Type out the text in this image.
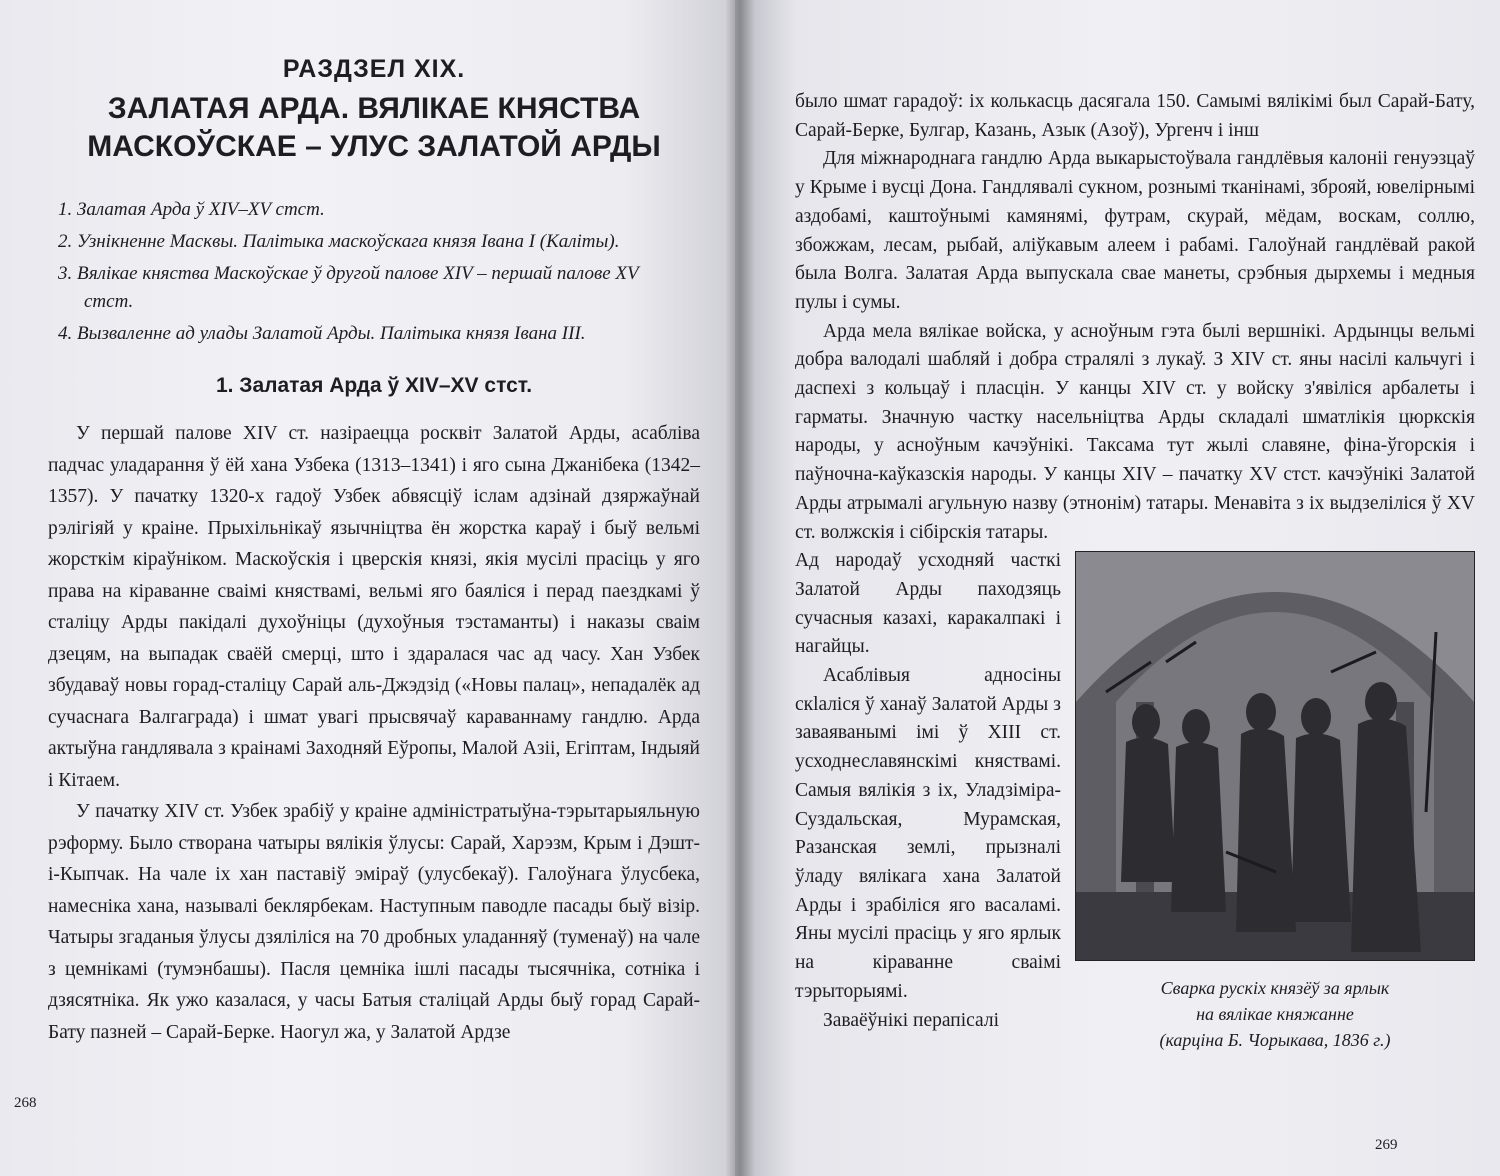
РАЗДЗЕЛ XIX.
ЗАЛАТАЯ АРДА. ВЯЛІКАЕ КНЯСТВА
МАСКОЎСКАЕ – УЛУС ЗАЛАТОЙ АРДЫ
1. Залатая Арда ў XIV–XV стст.
2. Узнікненне Масквы. Палітыка маскоўскага князя Івана I (Каліты).
3. Вялікае княства Маскоўскае ў другой палове XIV – першай палове XV стст.
4. Вызваленне ад улады Залатой Арды. Палітыка князя Івана III.
1. Залатая Арда ў XIV–XV стст.

У першай палове XIV ст. назіраецца росквіт Залатой Арды, асабліва падчас уладарання ў ёй хана Узбека (1313–1341) і яго сына Джанібека (1342–1357). У пачатку 1320-х гадоў Узбек абвясціў іслам адзінай дзяржаўнай рэлігіяй у краіне. Прыхільнікаў язычніцтва ён жорстка караў і быў вельмі жорсткім кіраўніком. Маскоўскія і цверскія князі, якія мусілі прасіць у яго права на кіраванне сваімі княствамі, вельмі яго баяліся і перад паездкамі ў сталіцу Арды пакідалі духоўніцы (духоўныя тэстаманты) і наказы сваім дзецям, на выпадак сваёй смерці, што і здаралася час ад часу. Хан Узбек збудаваў новы горад-сталіцу Сарай аль-Джэдзід («Новы палац», непадалёк ад сучаснага Валгаграда) і шмат увагі прысвячаў караваннаму гандлю. Арда актыўна гандлявала з краінамі Заходняй Еўропы, Малой Азіі, Егіптам, Індыяй і Кітаем.

У пачатку XIV ст. Узбек зрабіў у краіне адміністратыўна-тэрытарыяльную рэформу. Было створана чатыры вялікія ўлусы: Сарай, Харэзм, Крым і Дэшт-і-Кыпчак. На чале іх хан паставіў эміраў (улусбекаў). Галоўнага ўлусбека, намесніка хана, называлі беклярбекам. Наступным паводле пасады быў візір. Чатыры згаданыя ўлусы дзяліліся на 70 дробных уладанняў (туменаў) на чале з цемнікамі (тумэнбашы). Пасля цемніка ішлі пасады тысячніка, сотніка і дзясятніка. Як ужо казалася, у часы Батыя сталіцай Арды быў горад Сарай-Бату пазней – Сарай-Берке. Наогул жа, у Залатой Ардзе

268

было шмат гарадоў: іх колькасць дасягала 150. Самымі вялікімі был Сарай-Бату, Сарай-Берке, Булгар, Казань, Азык (Азоў), Ургенч і інш

Для міжнароднага гандлю Арда выкарыстоўвала гандлёвыя калоніі генуэзцаў у Крыме і вусці Дона. Гандлявалі сукном, рознымі тканінамі, зброяй, ювелірнымі аздобамі, каштоўнымі камянямі, футрам, скурай, мёдам, воскам, соллю, збожжам, лесам, рыбай, аліўкавым алеем і рабамі. Галоўнай гандлёвай ракой была Волга. Залатая Арда выпускала свае манеты, срэбныя дырхемы і медныя пулы і сумы.

Арда мела вялікае войска, у асноўным гэта былі вершнікі. Ардынцы вельмі добра валодалі шабляй і добра стралялі з лукаў. З XIV ст. яны насілі кальчугі і даспехі з кольцаў і пласцін. У канцы XIV ст. у войску з'явіліся арбалеты і гарматы. Значную частку насельніцтва Арды складалі шматлікія цюркскія народы, у асноўным качэўнікі. Таксама тут жылі славяне, фіна-ўгорскія і паўночна-каўказскія народы. У канцы XIV – пачатку XV стст. качэўнікі Залатой Арды атрымалі агульную назву (этнонім) татары. Менавіта з іх выдзеліліся ў XV ст. волжскія і сібірскія татары.

Сварка рускіх князёў за ярлык
на вялікае княжанне
(карціна Б. Чорыкава, 1836 г.)

Ад народаў усходняй часткі Залатой Арды паходзяць сучасныя казахі, каракалпакі і нагайцы.

Асаблівыя адносіны скlaліся ў ханаў Залатой Арды з заваяванымі імі ў XIII ст. усходнеславянскімі княствамі. Самыя вялікія з іх, Уладзіміра-Суздальская, Мурамская, Разанская землі, прызналі ўладу вялікага хана Залатой Арды і зрабіліся яго васаламі. Яны мусілі прасіць у яго ярлык на кіраванне сваімі тэрыторыямі.

Заваёўнікі перапісалі

269
